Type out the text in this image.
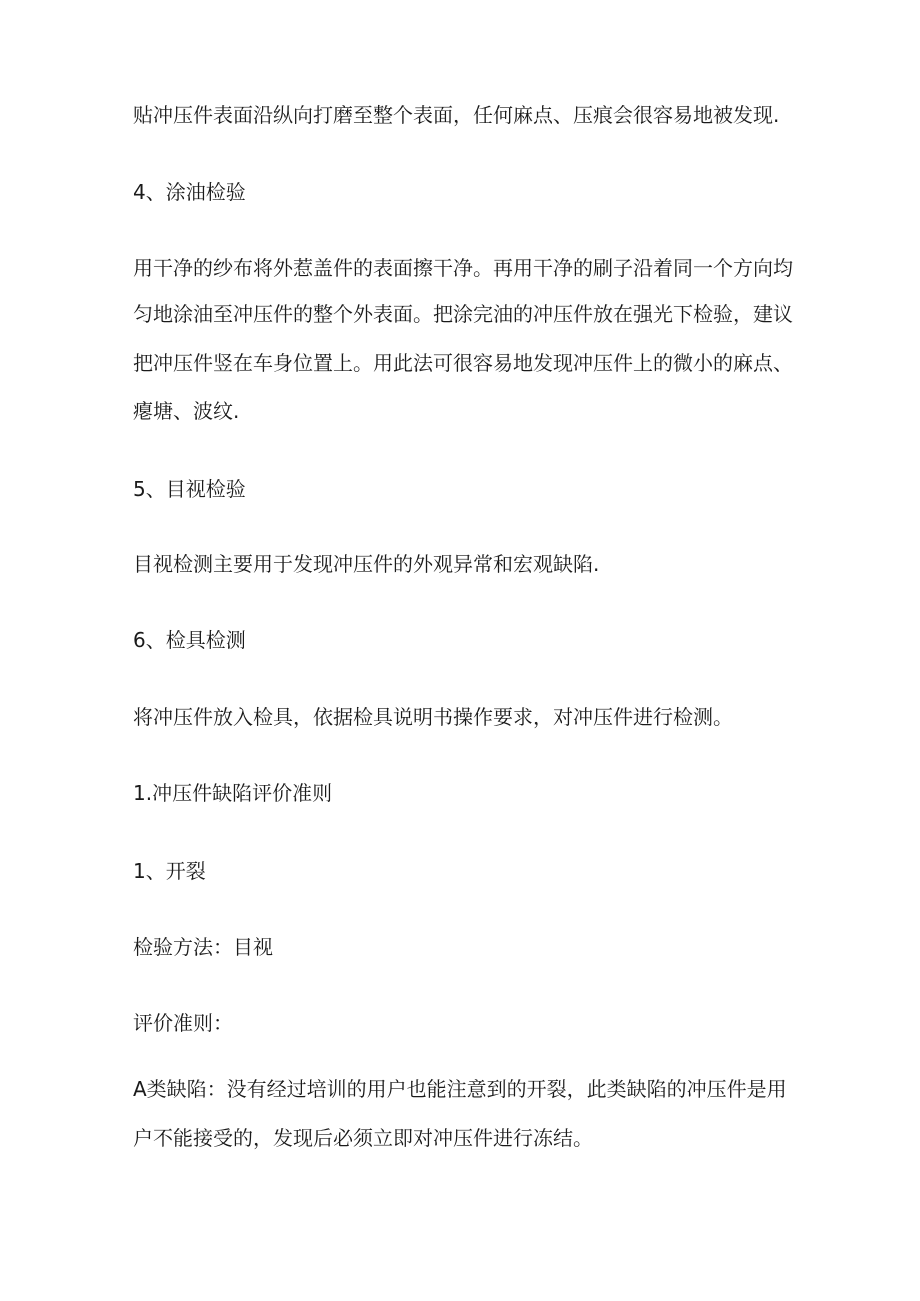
贴冲压件表面沿纵向打磨至整个表面，任何麻点、压痕会很容易地被发现.
4、涂油检验
用干净的纱布将外惹盖件的表面擦干净。再用干净的刷子沿着同一个方向均
匀地涂油至冲压件的整个外表面。把涂完油的冲压件放在强光下检验，建议
把冲压件竖在车身位置上。用此法可很容易地发现冲压件上的微小的麻点、
瘪塘、波纹.
5、目视检验
目视检测主要用于发现冲压件的外观异常和宏观缺陷.
6、检具检测
将冲压件放入检具，依据检具说明书操作要求，对冲压件进行检测。
1.冲压件缺陷评价准则
1、开裂
检验方法：目视
评价准则：
A类缺陷：没有经过培训的用户也能注意到的开裂，此类缺陷的冲压件是用
户不能接受的，发现后必须立即对冲压件进行冻结。
